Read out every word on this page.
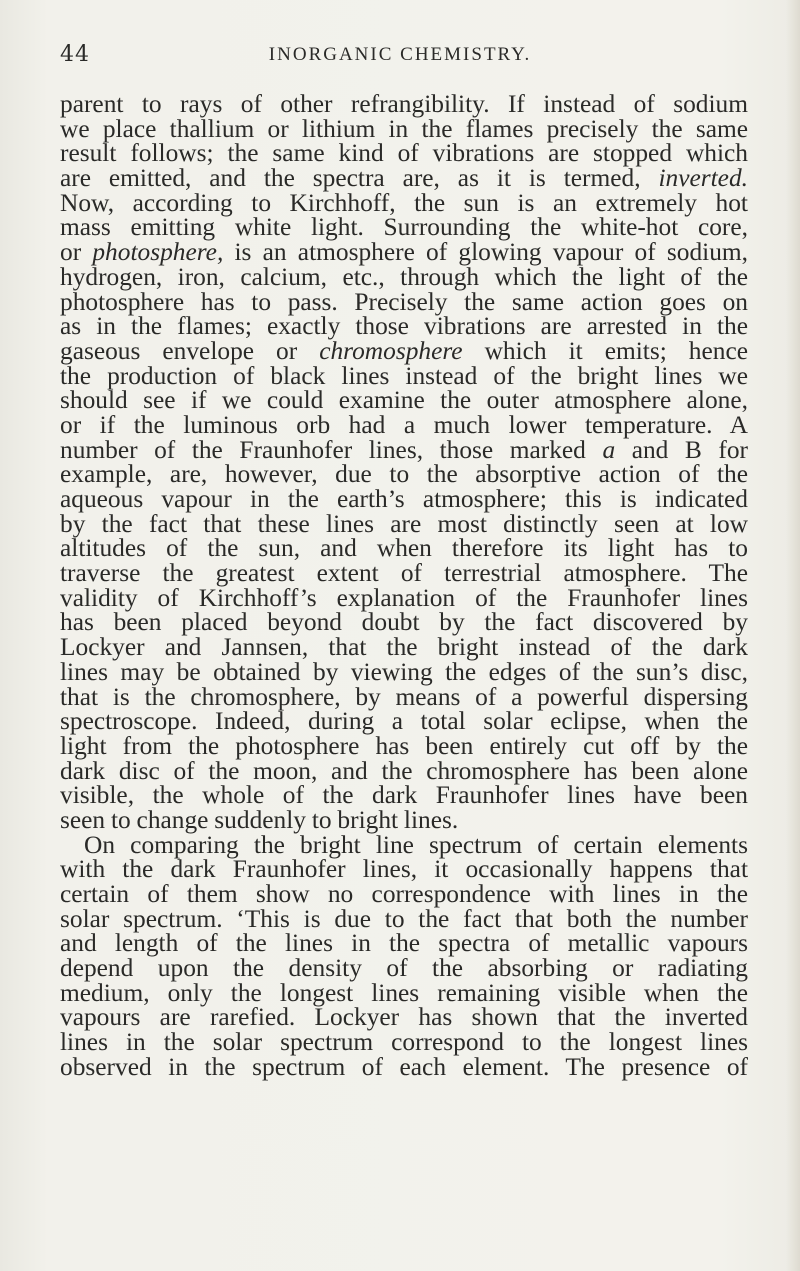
44	INORGANIC CHEMISTRY.
parent to rays of other refrangibility. If instead of sodium
we place thallium or lithium in the flames precisely the same
result follows; the same kind of vibrations are stopped which
are emitted, and the spectra are, as it is termed, inverted.
Now, according to Kirchhoff, the sun is an extremely hot
mass emitting white light. Surrounding the white-hot core,
or photosphere, is an atmosphere of glowing vapour of sodium,
hydrogen, iron, calcium, etc., through which the light of the
photosphere has to pass. Precisely the same action goes on
as in the flames; exactly those vibrations are arrested in the
gaseous envelope or chromosphere which it emits; hence
the production of black lines instead of the bright lines we
should see if we could examine the outer atmosphere alone,
or if the luminous orb had a much lower temperature. A
number of the Fraunhofer lines, those marked a and B for
example, are, however, due to the absorptive action of the
aqueous vapour in the earth’s atmosphere; this is indicated
by the fact that these lines are most distinctly seen at low
altitudes of the sun, and when therefore its light has to
traverse the greatest extent of terrestrial atmosphere. The
validity of Kirchhoff’s explanation of the Fraunhofer lines
has been placed beyond doubt by the fact discovered by
Lockyer and Jannsen, that the bright instead of the dark
lines may be obtained by viewing the edges of the sun’s disc,
that is the chromosphere, by means of a powerful dispersing
spectroscope. Indeed, during a total solar eclipse, when the
light from the photosphere has been entirely cut off by the
dark disc of the moon, and the chromosphere has been alone
visible, the whole of the dark Fraunhofer lines have been
seen to change suddenly to bright lines.
On comparing the bright line spectrum of certain elements
with the dark Fraunhofer lines, it occasionally happens that
certain of them show no correspondence with lines in the
solar spectrum. ‘This is due to the fact that both the number
and length of the lines in the spectra of metallic vapours
depend upon the density of the absorbing or radiating
medium, only the longest lines remaining visible when the
vapours are rarefied. Lockyer has shown that the inverted
lines in the solar spectrum correspond to the longest lines
observed in the spectrum of each element. The presence of
